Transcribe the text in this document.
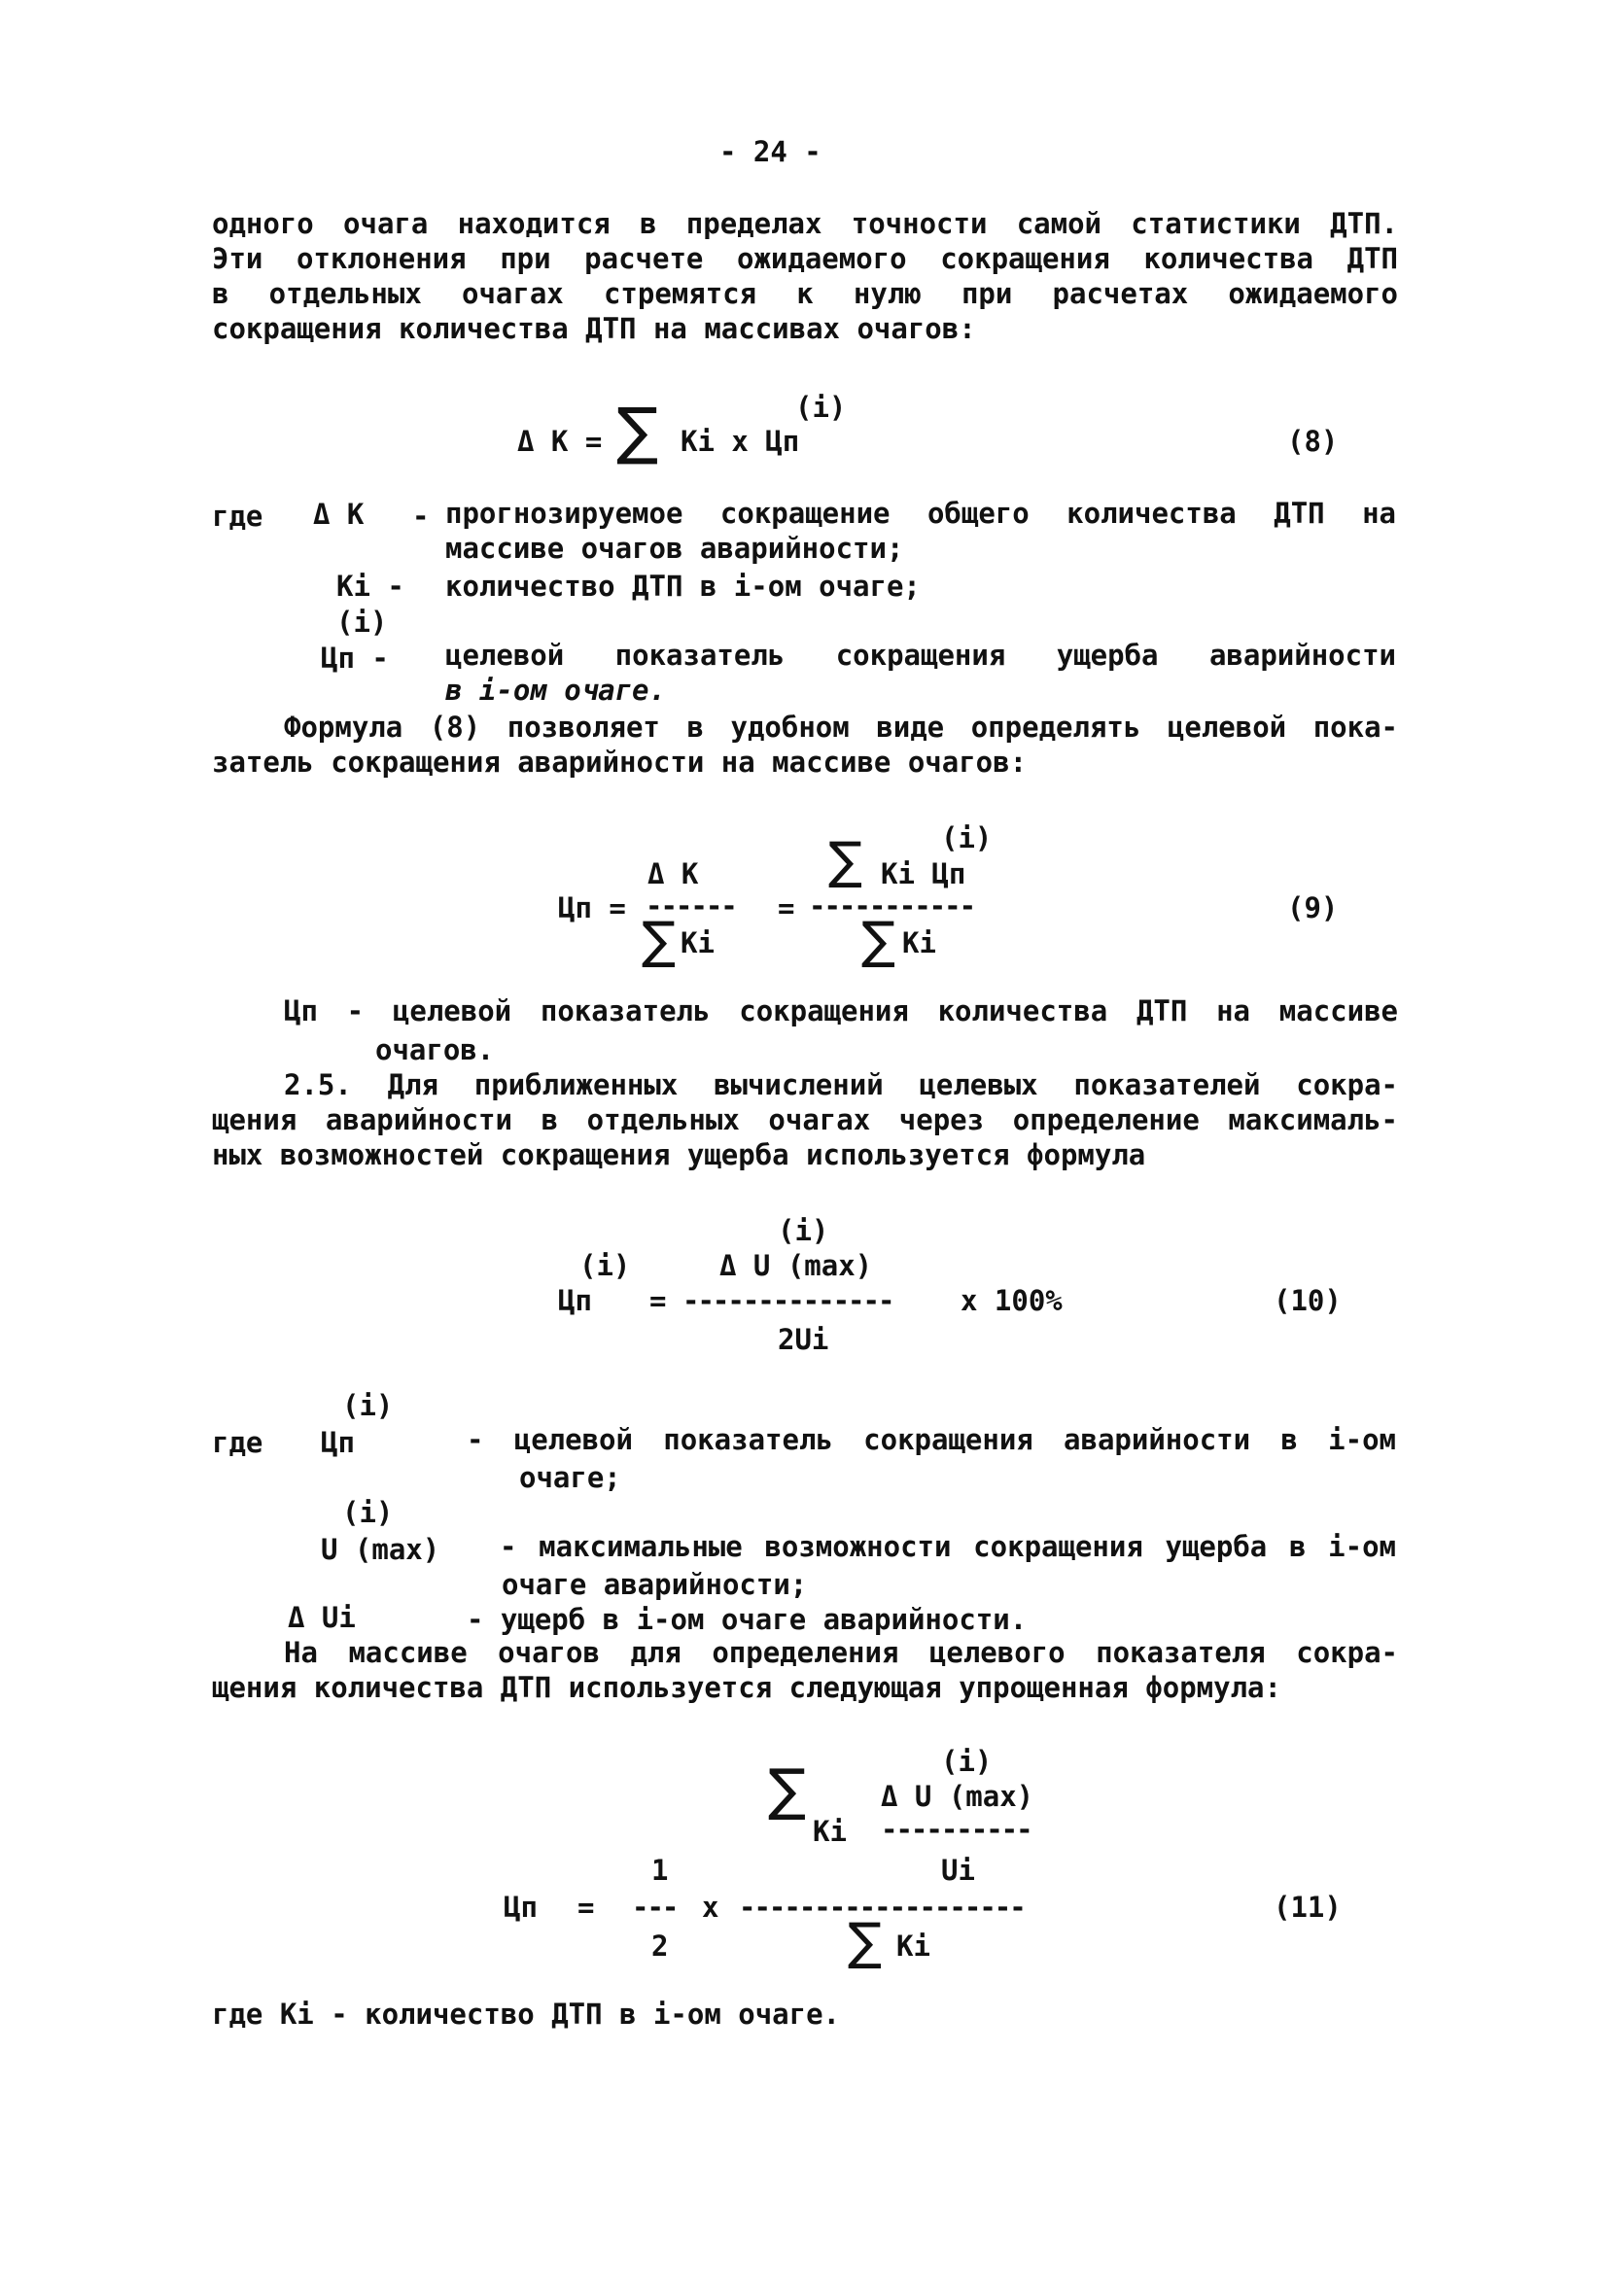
- 24 -
одного очага находится в пределах точности самой статистики ДТП.
Эти отклонения при расчете ожидаемого сокращения количества ДТП
в отдельных очагах стремятся к нулю при расчетах ожидаемого
сокращения количества ДТП на массивах очагов:
(i)
Δ К = ∑ Кi x Цп	(8)
где Δ К - прогнозируемое сокращение общего количества ДТП на
массиве очагов аварийности;
Кi - количество ДТП в i-ом очаге;
(i)
Цп - целевой показатель сокращения ущерба аварийности
в i-ом очаге.
Формула (8) позволяет в удобном виде определять целевой пока-
затель сокращения аварийности на массиве очагов:
Цп =
Δ К
------
∑ Кi
=
(i)
∑ Кi Цп
-----------
∑ Кi
(9)
Цп - целевой показатель сокращения количества ДТП на массиве
очагов.
2.5. Для приближенных вычислений целевых показателей сокра-
щения аварийности в отдельных очагах через определение максималь-
ных возможностей сокращения ущерба используется формула
(i)
(i)	Δ U (max)
Цп = -------------- x 100%
2Ui
(10)
(i)
где Цп	- целевой показатель сокращения аварийности в i-ом
очаге;
(i)
U (max) - максимальные возможности сокращения ущерба в i-ом
очаге аварийности;
Δ Ui	- ущерб в i-ом очаге аварийности.
На массиве очагов для определения целевого показателя сокра-
щения количества ДТП используется следующая упрощенная формула:
(i)
∑
Кi
Δ U (max)
----------
Ui
1
Цп = --- x -------------------
2	∑ Кi
(11)
где Кi - количество ДТП в i-ом очаге.
